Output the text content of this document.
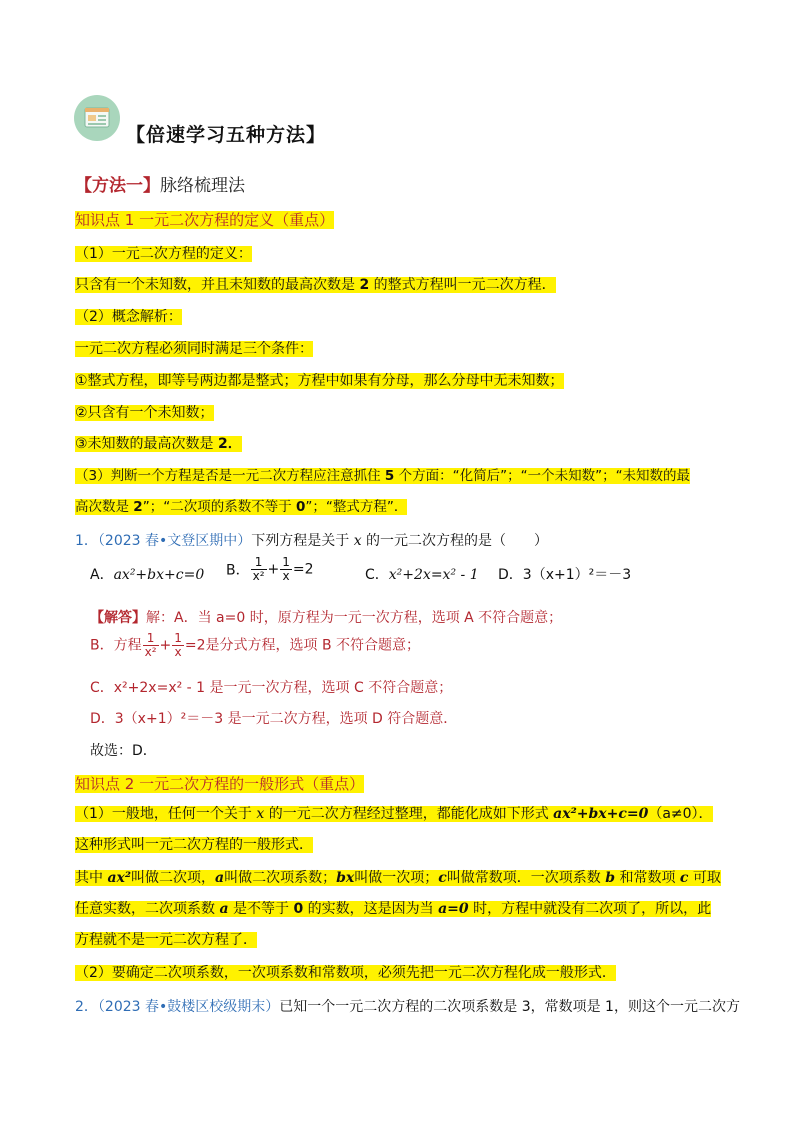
【倍速学习五种方法】
【方法一】脉络梳理法
知识点 1 一元二次方程的定义（重点）
（1）一元二次方程的定义：
只含有一个未知数，并且未知数的最高次数是 2 的整式方程叫一元二次方程．
（2）概念解析：
一元二次方程必须同时满足三个条件：
①整式方程，即等号两边都是整式；方程中如果有分母，那么分母中无未知数；
②只含有一个未知数；
③未知数的最高次数是 2．
（3）判断一个方程是否是一元二次方程应注意抓住 5 个方面：“化简后”；“一个未知数”；“未知数的最
高次数是 2”；“二次项的系数不等于 0”；“整式方程”．
1．（2023 春•文登区期中）下列方程是关于 x 的一元二次方程的是（　　）
A．ax²+bx+c=0 B． $\frac{1}{\text{x²}} + \frac{1}{x} =2$	C．x²+2x=x² - 1 D．3（x+1）²＝－3
【解答】解：A．当 a=0 时，原方程为一元一次方程，选项 A 不符合题意；
B．方程 $\frac{1}{\text{x²}} + \frac{1}{x} =2$是分式方程，选项 B 不符合题意；
C．x²+2x=x² - 1 是一元一次方程，选项 C 不符合题意；
D．3（x+1）²＝－3 是一元二次方程，选项 D 符合题意．
故选：D．
知识点 2 一元二次方程的一般形式（重点）
（1）一般地，任何一个关于 x 的一元二次方程经过整理，都能化成如下形式 ax²+bx+c=0（a≠0）．这种形式叫一元二次方程的一般形式．
其中 ax²叫做二次项，a叫做二次项系数；bx叫做一次项；c叫做常数项．一次项系数 b 和常数项 c 可取任意实数，二次项系数 a 是不等于 0 的实数，这是因为当 a=0 时，方程中就没有二次项了，所以，此方程就不是一元二次方程了．
（2）要确定二次项系数，一次项系数和常数项，必须先把一元二次方程化成一般形式．
2．（2023 春•鼓楼区校级期末）已知一个一元二次方程的二次项系数是 3，常数项是 1，则这个一元二次方
